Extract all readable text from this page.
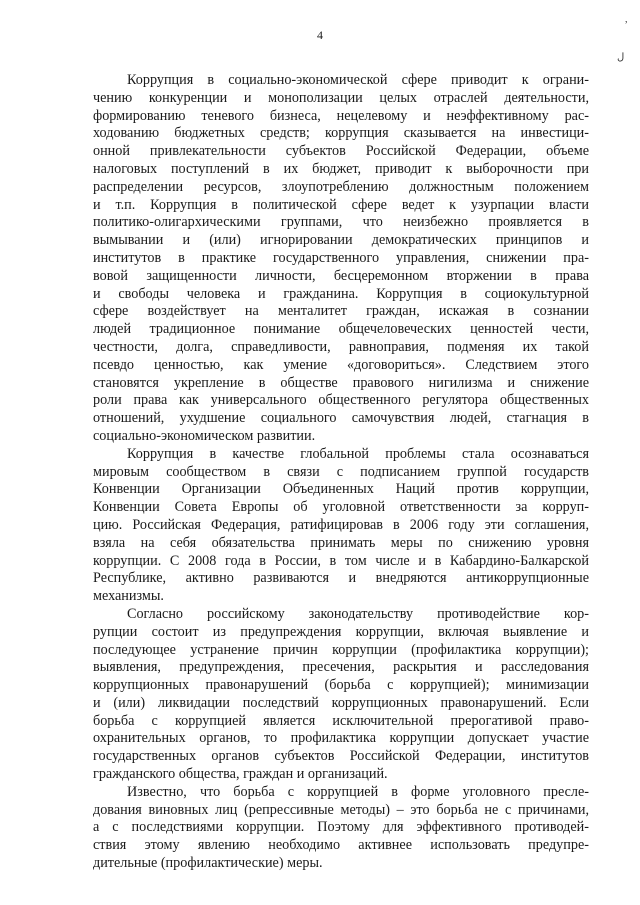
4
,
ل
Коррупция в социально-экономической сфере приводит к ограни-
чению конкуренции и монополизации целых отраслей деятельности,
формированию теневого бизнеса, нецелевому и неэффективному рас-
ходованию бюджетных средств; коррупция сказывается на инвестици-
онной привлекательности субъектов Российской Федерации, объеме
налоговых поступлений в их бюджет, приводит к выборочности при
распределении ресурсов, злоупотреблению должностным положением
и т.п. Коррупция в политической сфере ведет к узурпации власти
политико-олигархическими группами, что неизбежно проявляется в
вымывании и (или) игнорировании демократических принципов и
институтов в практике государственного управления, снижении пра-
вовой защищенности личности, бесцеремонном вторжении в права
и свободы человека и гражданина. Коррупция в социокультурной
сфере воздействует на менталитет граждан, искажая в сознании
людей традиционное понимание общечеловеческих ценностей чести,
честности, долга, справедливости, равноправия, подменяя их такой
псевдо ценностью, как умение «договориться». Следствием этого
становятся укрепление в обществе правового нигилизма и снижение
роли права как универсального общественного регулятора общественных
отношений, ухудшение социального самочувствия людей, стагнация в
социально-экономическом развитии.
Коррупция в качестве глобальной проблемы стала осознаваться
мировым сообществом в связи с подписанием группой государств
Конвенции Организации Объединенных Наций против коррупции,
Конвенции Совета Европы об уголовной ответственности за корруп-
цию. Российская Федерация, ратифицировав в 2006 году эти соглашения,
взяла на себя обязательства принимать меры по снижению уровня
коррупции. С 2008 года в России, в том числе и в Кабардино-Балкарской
Республике, активно развиваются и внедряются антикоррупционные
механизмы.
Согласно российскому законодательству противодействие кор-
рупции состоит из предупреждения коррупции, включая выявление и
последующее устранение причин коррупции (профилактика коррупции);
выявления, предупреждения, пресечения, раскрытия и расследования
коррупционных правонарушений (борьба с коррупцией); минимизации
и (или) ликвидации последствий коррупционных правонарушений. Если
борьба с коррупцией является исключительной прерогативой право-
охранительных органов, то профилактика коррупции допускает участие
государственных органов субъектов Российской Федерации, институтов
гражданского общества, граждан и организаций.
Известно, что борьба с коррупцией в форме уголовного пресле-
дования виновных лиц (репрессивные методы) – это борьба не с причинами,
а с последствиями коррупции. Поэтому для эффективного противодей-
ствия этому явлению необходимо активнее использовать предупре-
дительные (профилактические) меры.
